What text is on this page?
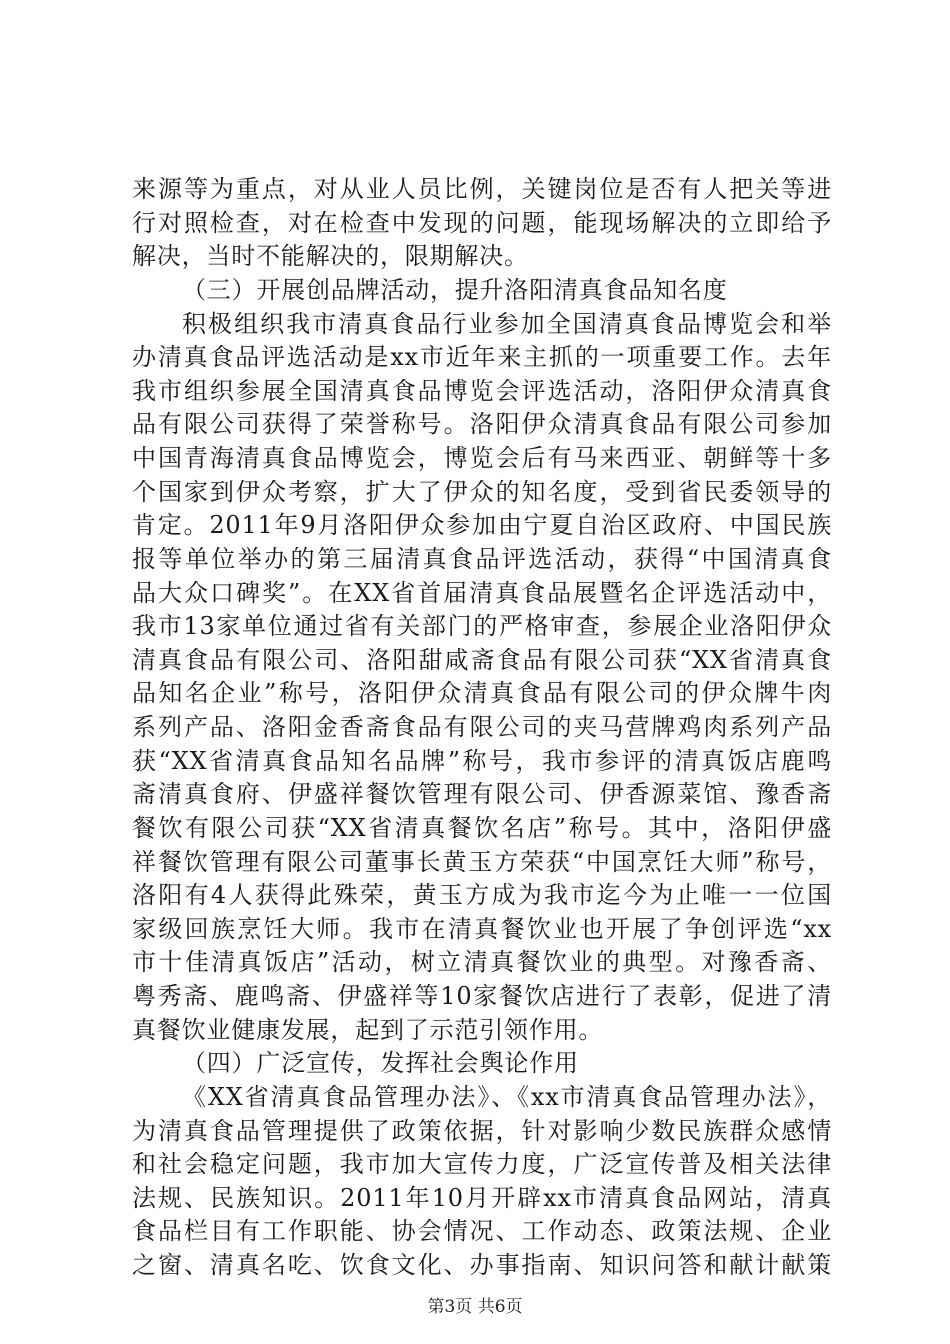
来源等为重点，对从业人员比例，关键岗位是否有人把关等进
行对照检查，对在检查中发现的问题，能现场解决的立即给予
解决，当时不能解决的，限期解决。
（三）开展创品牌活动，提升洛阳清真食品知名度
积极组织我市清真食品行业参加全国清真食品博览会和举
办清真食品评选活动是xx市近年来主抓的一项重要工作。去年
我市组织参展全国清真食品博览会评选活动，洛阳伊众清真食
品有限公司获得了荣誉称号。洛阳伊众清真食品有限公司参加
中国青海清真食品博览会，博览会后有马来西亚、朝鲜等十多
个国家到伊众考察，扩大了伊众的知名度，受到省民委领导的
肯定。2011年9月洛阳伊众参加由宁夏自治区政府、中国民族
报等单位举办的第三届清真食品评选活动，获得“中国清真食
品大众口碑奖”。在XX省首届清真食品展暨名企评选活动中，
我市13家单位通过省有关部门的严格审查，参展企业洛阳伊众
清真食品有限公司、洛阳甜咸斋食品有限公司获“XX省清真食
品知名企业”称号，洛阳伊众清真食品有限公司的伊众牌牛肉
系列产品、洛阳金香斋食品有限公司的夹马营牌鸡肉系列产品
获“XX省清真食品知名品牌”称号，我市参评的清真饭店鹿鸣
斋清真食府、伊盛祥餐饮管理有限公司、伊香源菜馆、豫香斋
餐饮有限公司获“XX省清真餐饮名店”称号。其中，洛阳伊盛
祥餐饮管理有限公司董事长黄玉方荣获“中国烹饪大师”称号，
洛阳有4人获得此殊荣，黄玉方成为我市迄今为止唯一一位国
家级回族烹饪大师。我市在清真餐饮业也开展了争创评选“xx
市十佳清真饭店”活动，树立清真餐饮业的典型。对豫香斋、
粤秀斋、鹿鸣斋、伊盛祥等10家餐饮店进行了表彰，促进了清
真餐饮业健康发展，起到了示范引领作用。
（四）广泛宣传，发挥社会舆论作用
《XX省清真食品管理办法》、《xx市清真食品管理办法》，
为清真食品管理提供了政策依据，针对影响少数民族群众感情
和社会稳定问题，我市加大宣传力度，广泛宣传普及相关法律
法规、民族知识。2011年10月开辟xx市清真食品网站，清真
食品栏目有工作职能、协会情况、工作动态、政策法规、企业
之窗、清真名吃、饮食文化、办事指南、知识问答和献计献策
第3页 共6页
